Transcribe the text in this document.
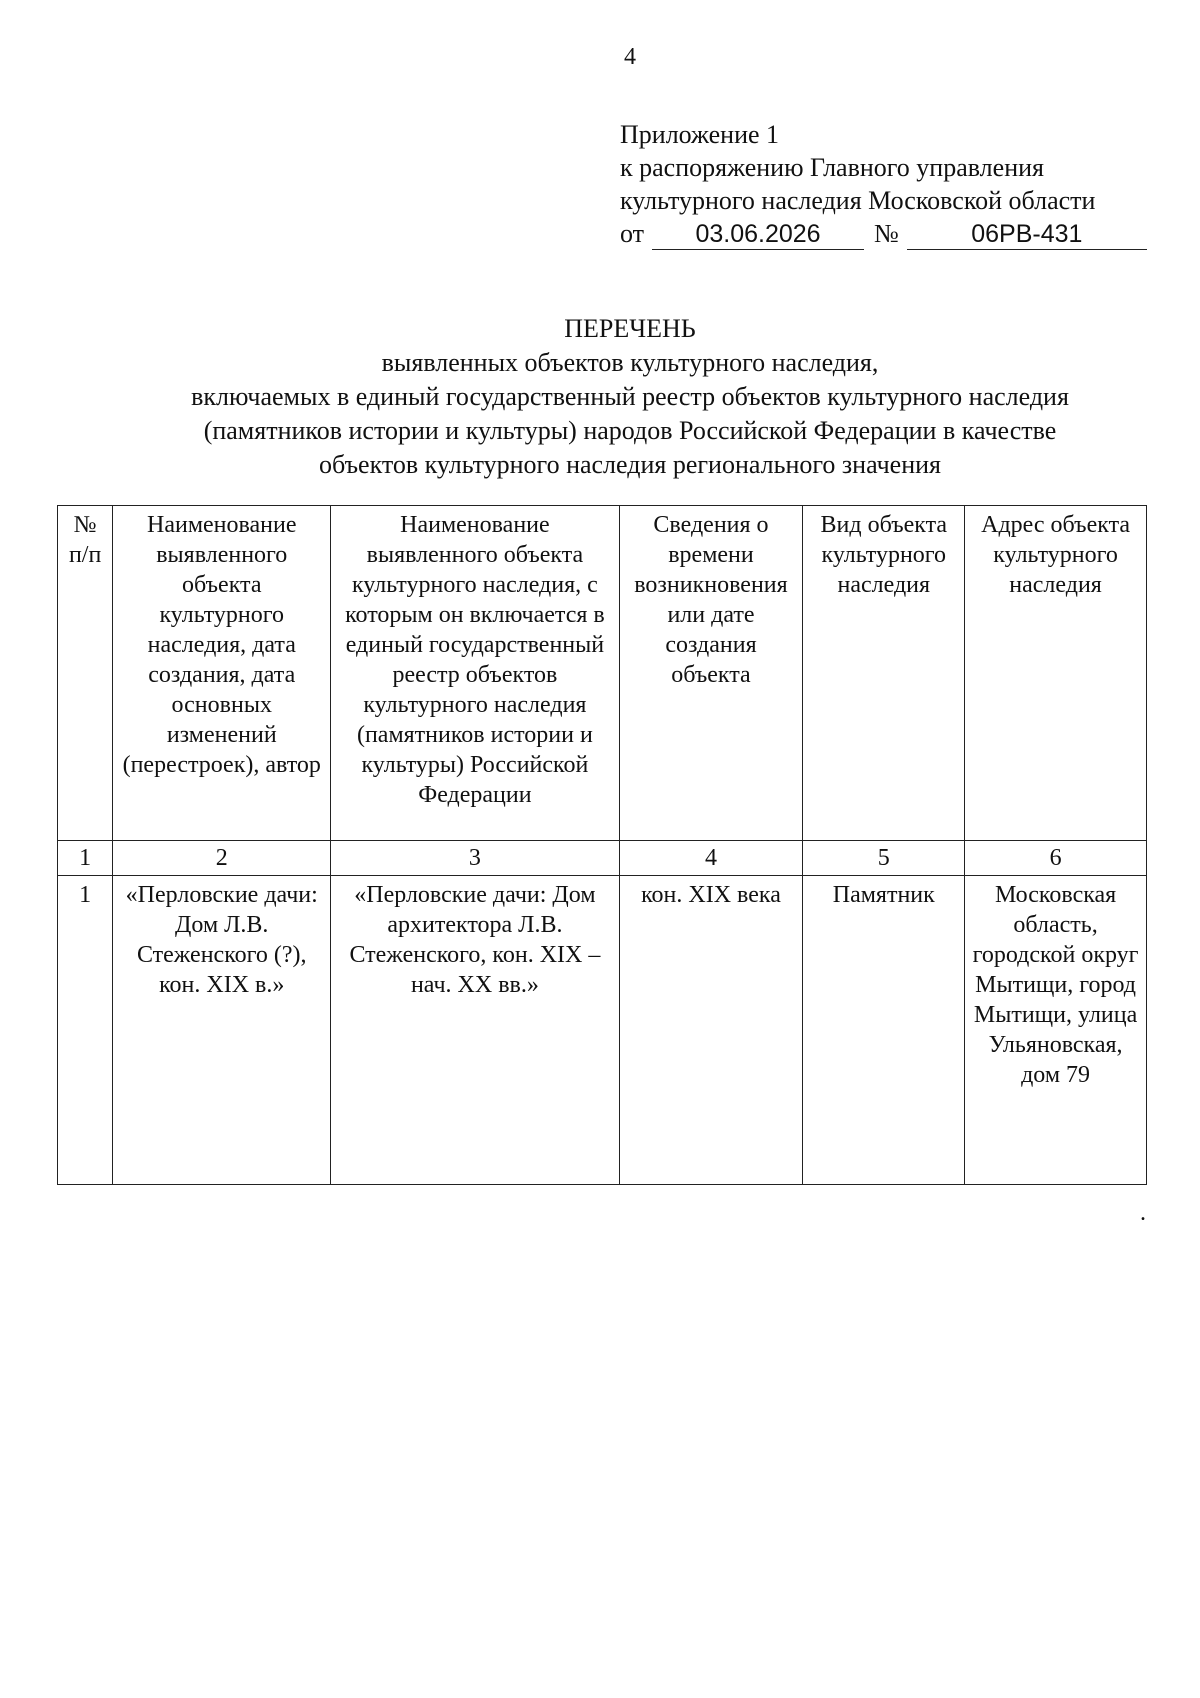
4
Приложение 1
к распоряжению Главного управления
культурного наследия Московской области
от 03.06.2026 №	06РВ-431
ПЕРЕЧЕНЬ
выявленных объектов культурного наследия,
включаемых в единый государственный реестр объектов культурного наследия
(памятников истории и культуры) народов Российской Федерации в качестве
объектов культурного наследия регионального значения
№ п/п	Наименование выявленного объекта культурного наследия, дата создания, дата основных изменений (перестроек), автор	Наименование выявленного объекта культурного наследия, с которым он включается в единый государственный реестр объектов культурного наследия (памятников истории и культуры) Российской Федерации	Сведения о времени возникновения или дате создания объекта	Вид объекта культурного наследия	Адрес объекта культурного наследия
1	2	3	4	5	6
1	«Перловские дачи: Дом Л.В. Стеженского (?), кон. XIX в.»	«Перловские дачи: Дом архитектора Л.В. Стеженского, кон. XIX – нач. XX вв.»	кон. XIX века	Памятник	Московская область, городской округ Мытищи, город Мытищи, улица Ульяновская, дом 79
.
